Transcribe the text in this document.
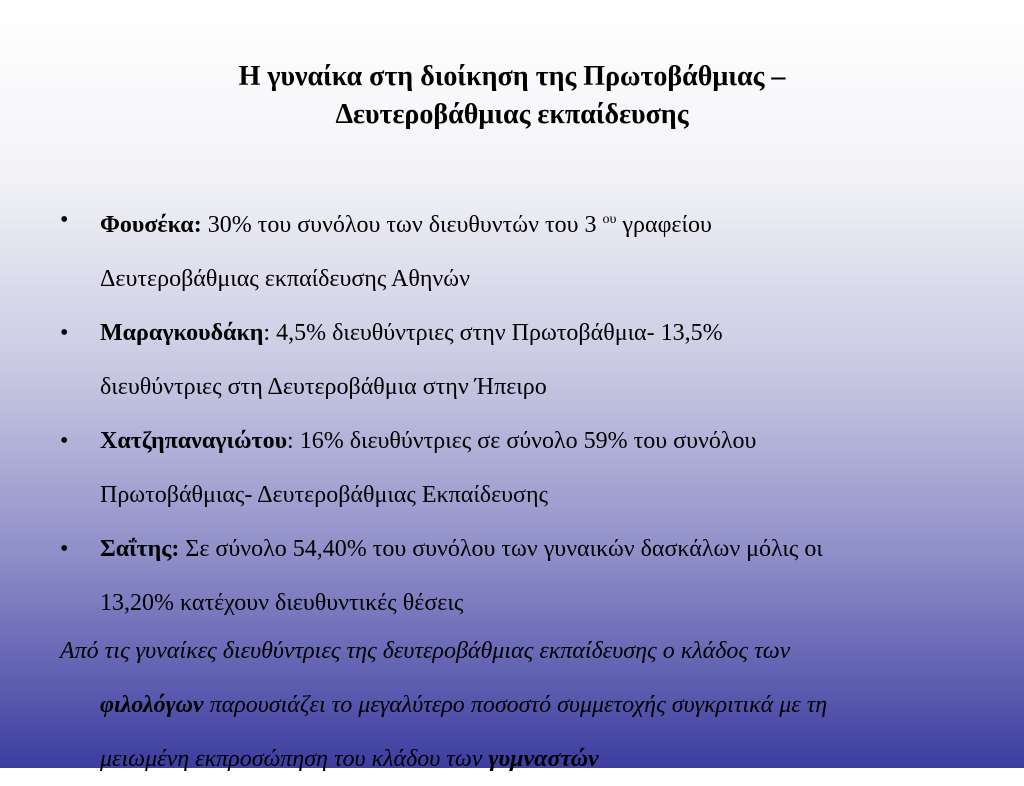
Η γυναίκα στη διοίκηση της Πρωτοβάθμιας –
Δευτεροβάθμιας εκπαίδευσης
• Φουσέκα: 30% του συνόλου των διευθυντών του 3 $^{o\upsilon}$ γραφείου
Δευτεροβάθμιας εκπαίδευσης Αθηνών
• Μαραγκουδάκη: 4,5% διευθύντριες στην Πρωτοβάθμια- 13,5%
διευθύντριες στη Δευτεροβάθμια στην Ήπειρο
• Χατζηπαναγιώτου: 16% διευθύντριες σε σύνολο 59% του συνόλου
Πρωτοβάθμιας- Δευτεροβάθμιας Εκπαίδευσης
• Σαΐτης: Σε σύνολο 54,40% του συνόλου των γυναικών δασκάλων μόλις οι
13,20% κατέχουν διευθυντικές θέσεις
Από τις γυναίκες διευθύντριες της δευτεροβάθμιας εκπαίδευσης ο κλάδος των
φιλολόγων παρουσιάζει το μεγαλύτερο ποσοστό συμμετοχής συγκριτικά με τη
μειωμένη εκπροσώπηση του κλάδου των γυμναστών
